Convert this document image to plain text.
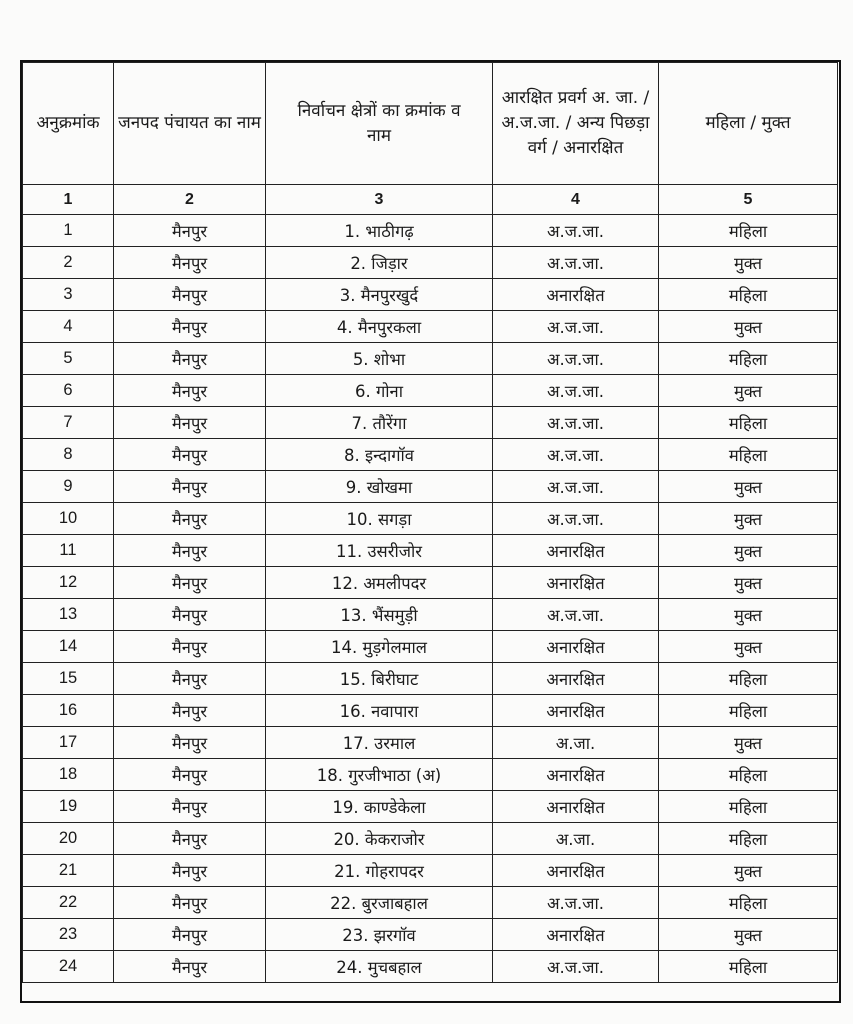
अनुक्रमांक	जनपद पंचायत का नाम	निर्वाचन क्षेत्रों का क्रमांक व नाम	आरक्षित प्रवर्ग अ. जा. / अ.ज.जा. / अन्य पिछड़ा वर्ग / अनारक्षित	महिला / मुक्त
1	2	3	4	5
1	मैनपुर	1. भाठीगढ़	अ.ज.जा.	महिला
2	मैनपुर	2. जिड़ार	अ.ज.जा.	मुक्त
3	मैनपुर	3. मैनपुरखुर्द	अनारक्षित	महिला
4	मैनपुर	4. मैनपुरकला	अ.ज.जा.	मुक्त
5	मैनपुर	5. शोभा	अ.ज.जा.	महिला
6	मैनपुर	6. गोना	अ.ज.जा.	मुक्त
7	मैनपुर	7. तौरेंगा	अ.ज.जा.	महिला
8	मैनपुर	8. इन्दागॉव	अ.ज.जा.	महिला
9	मैनपुर	9. खोखमा	अ.ज.जा.	मुक्त
10	मैनपुर	10. सगड़ा	अ.ज.जा.	मुक्त
11	मैनपुर	11. उसरीजोर	अनारक्षित	मुक्त
12	मैनपुर	12. अमलीपदर	अनारक्षित	मुक्त
13	मैनपुर	13. भैंसमुड़ी	अ.ज.जा.	मुक्त
14	मैनपुर	14. मुड़गेलमाल	अनारक्षित	मुक्त
15	मैनपुर	15. बिरीघाट	अनारक्षित	महिला
16	मैनपुर	16. नवापारा	अनारक्षित	महिला
17	मैनपुर	17. उरमाल	अ.जा.	मुक्त
18	मैनपुर	18. गुरजीभाठा (अ)	अनारक्षित	महिला
19	मैनपुर	19. काण्डेकेला	अनारक्षित	महिला
20	मैनपुर	20. केकराजोर	अ.जा.	महिला
21	मैनपुर	21. गोहरापदर	अनारक्षित	मुक्त
22	मैनपुर	22. बुरजाबहाल	अ.ज.जा.	महिला
23	मैनपुर	23. झरगॉव	अनारक्षित	मुक्त
24	मैनपुर	24. मुचबहाल	अ.ज.जा.	महिला
